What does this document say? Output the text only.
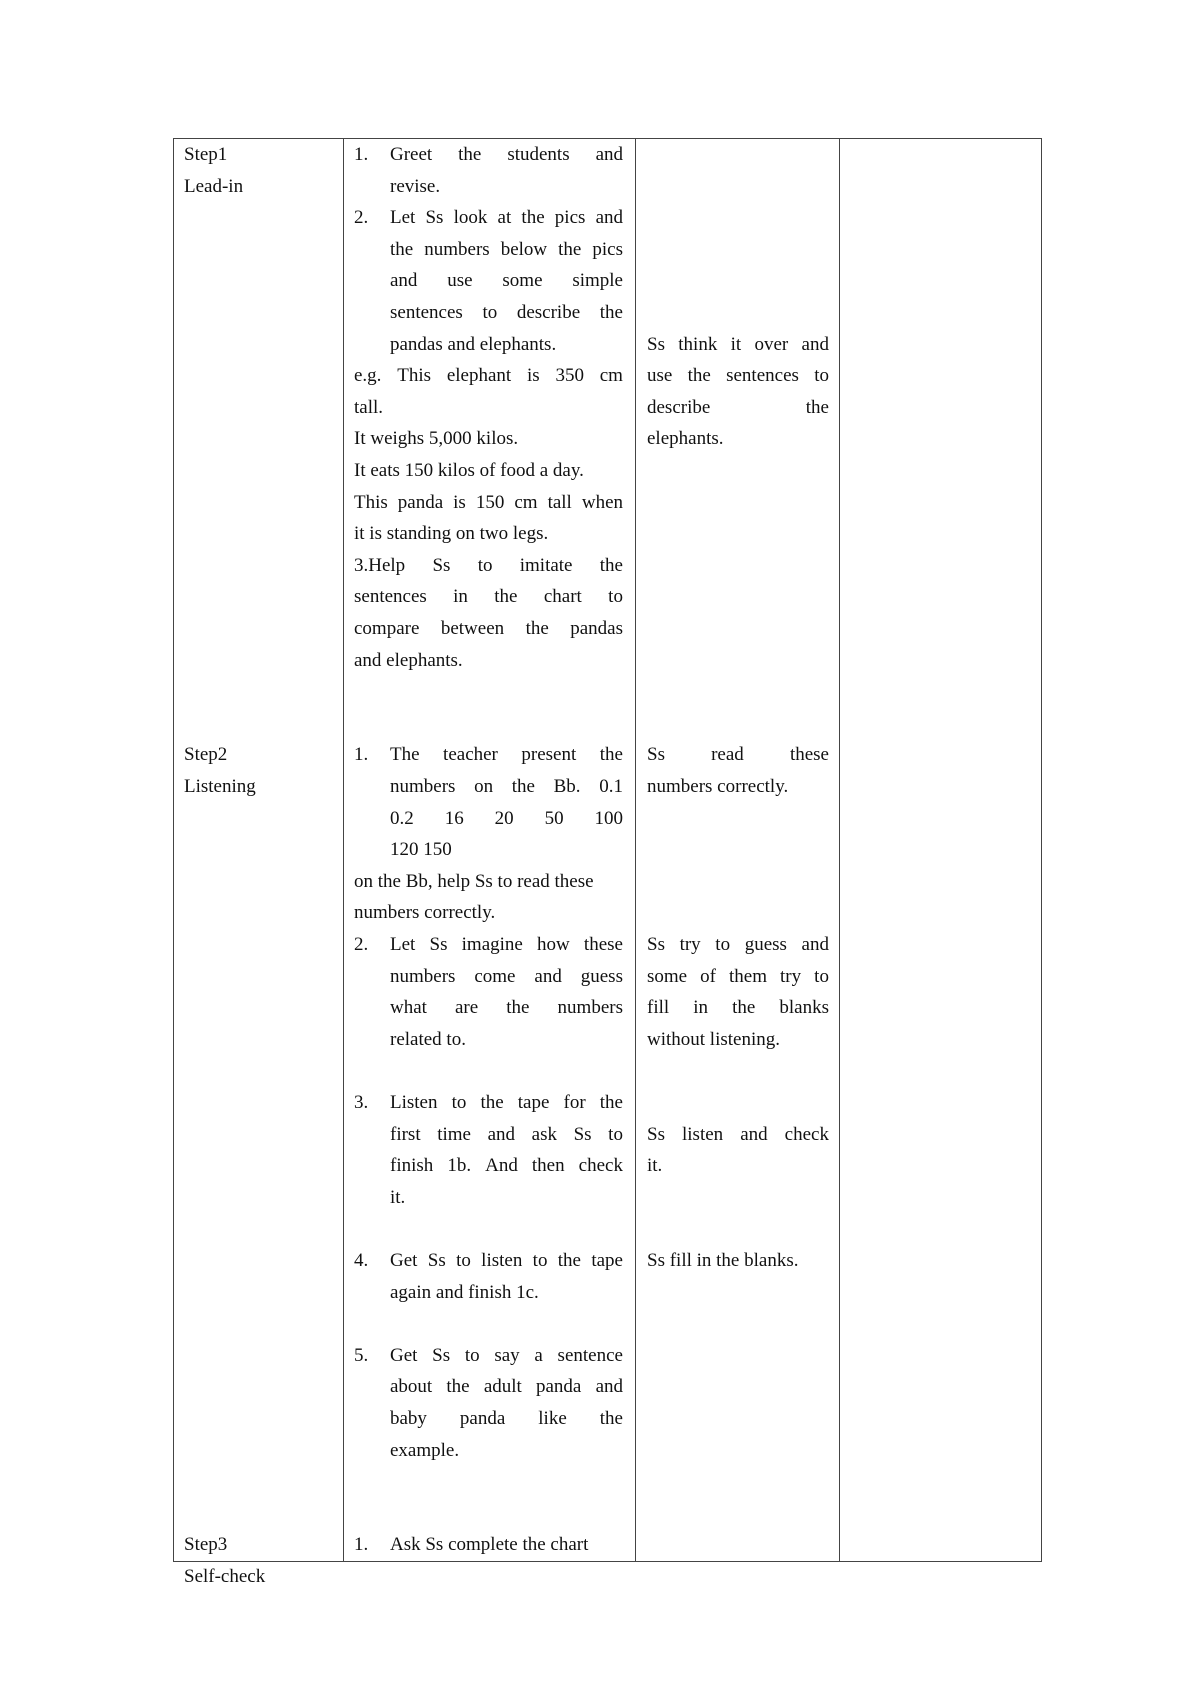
Step1
Lead-in
Step2
Listening
Step3
Self-check
1. Greet the students and
revise.
2. Let Ss look at the pics and
the numbers below the pics
and use some simple
sentences to describe the
pandas and elephants.
e.g. This elephant is 350 cm
tall.
It weighs 5,000 kilos.
It eats 150 kilos of food a day.
This panda is 150 cm tall when
it is standing on two legs.
3.Help Ss to imitate the
sentences in the chart to
compare between the pandas
and elephants.
1. The teacher present the
numbers on the Bb. 0.1
0.2 16 20 50 100
120 150
on the Bb, help Ss to read these
numbers correctly.
2. Let Ss imagine how these
numbers come and guess
what are the numbers
related to.
3. Listen to the tape for the
first time and ask Ss to
finish 1b. And then check
it.
4. Get Ss to listen to the tape
again and finish 1c.
5. Get Ss to say a sentence
about the adult panda and
baby panda like the
example.
1. Ask Ss complete the chart
Ss think it over and
use the sentences to
describe	the
elephants.
Ss read these
numbers correctly.
Ss try to guess and
some of them try to
fill in the blanks
without listening.
Ss listen and check
it.
Ss fill in the blanks.
